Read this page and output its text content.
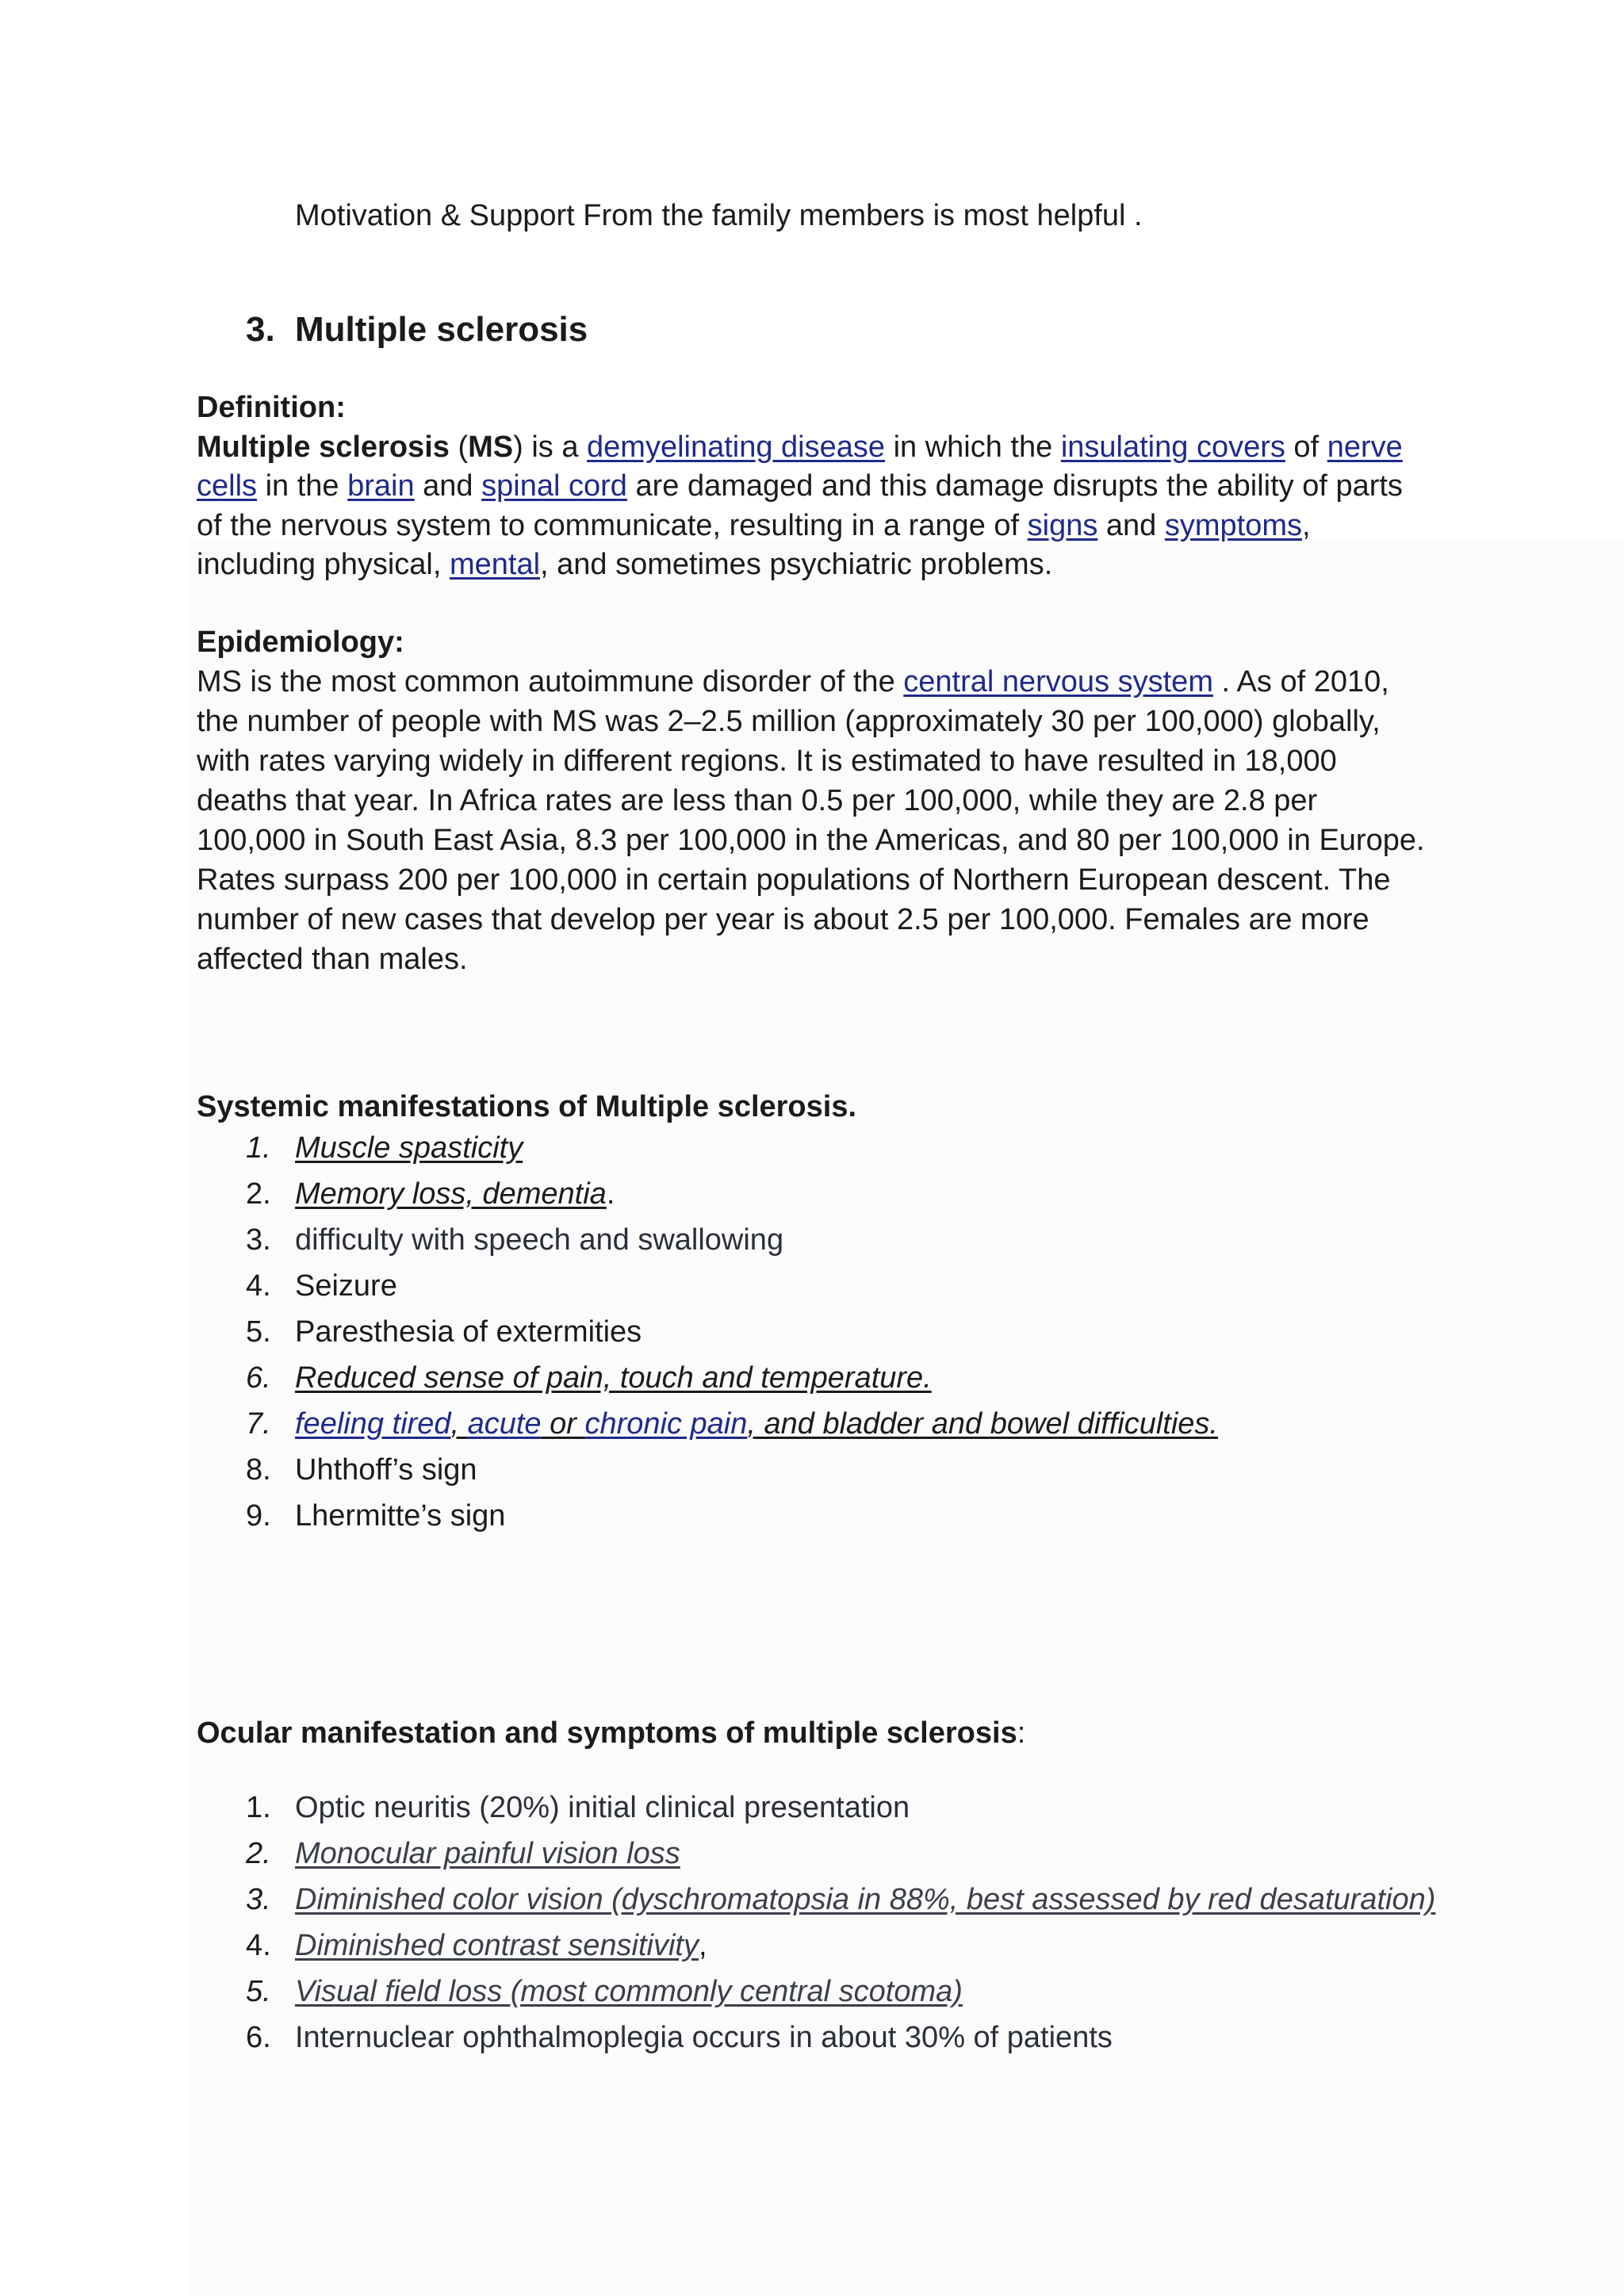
Motivation & Support From the family members is most helpful .
3. Multiple sclerosis
Definition:
Multiple sclerosis (MS) is a demyelinating disease in which the insulating covers of nerve
cells in the brain and spinal cord are damaged and this damage disrupts the ability of parts
of the nervous system to communicate, resulting in a range of signs and symptoms,
including physical, mental, and sometimes psychiatric problems.
Epidemiology:
MS is the most common autoimmune disorder of the central nervous system . As of 2010,
the number of people with MS was 2–2.5 million (approximately 30 per 100,000) globally,
with rates varying widely in different regions. It is estimated to have resulted in 18,000
deaths that year. In Africa rates are less than 0.5 per 100,000, while they are 2.8 per
100,000 in South East Asia, 8.3 per 100,000 in the Americas, and 80 per 100,000 in Europe.
Rates surpass 200 per 100,000 in certain populations of Northern European descent. The
number of new cases that develop per year is about 2.5 per 100,000. Females are more
affected than males.
Systemic manifestations of Multiple sclerosis.
1. Muscle spasticity
2. Memory loss, dementia.
3. difficulty with speech and swallowing
4. Seizure
5. Paresthesia of extermities
6. Reduced sense of pain, touch and temperature.
7. feeling tired, acute or chronic pain, and bladder and bowel difficulties.
8. Uhthoff’s sign
9. Lhermitte’s sign
Ocular manifestation and symptoms of multiple sclerosis:
1. Optic neuritis (20%) initial clinical presentation
2. Monocular painful vision loss
3. Diminished color vision (dyschromatopsia in 88%, best assessed by red desaturation)
4. Diminished contrast sensitivity,
5. Visual field loss (most commonly central scotoma)
6. Internuclear ophthalmoplegia occurs in about 30% of patients
